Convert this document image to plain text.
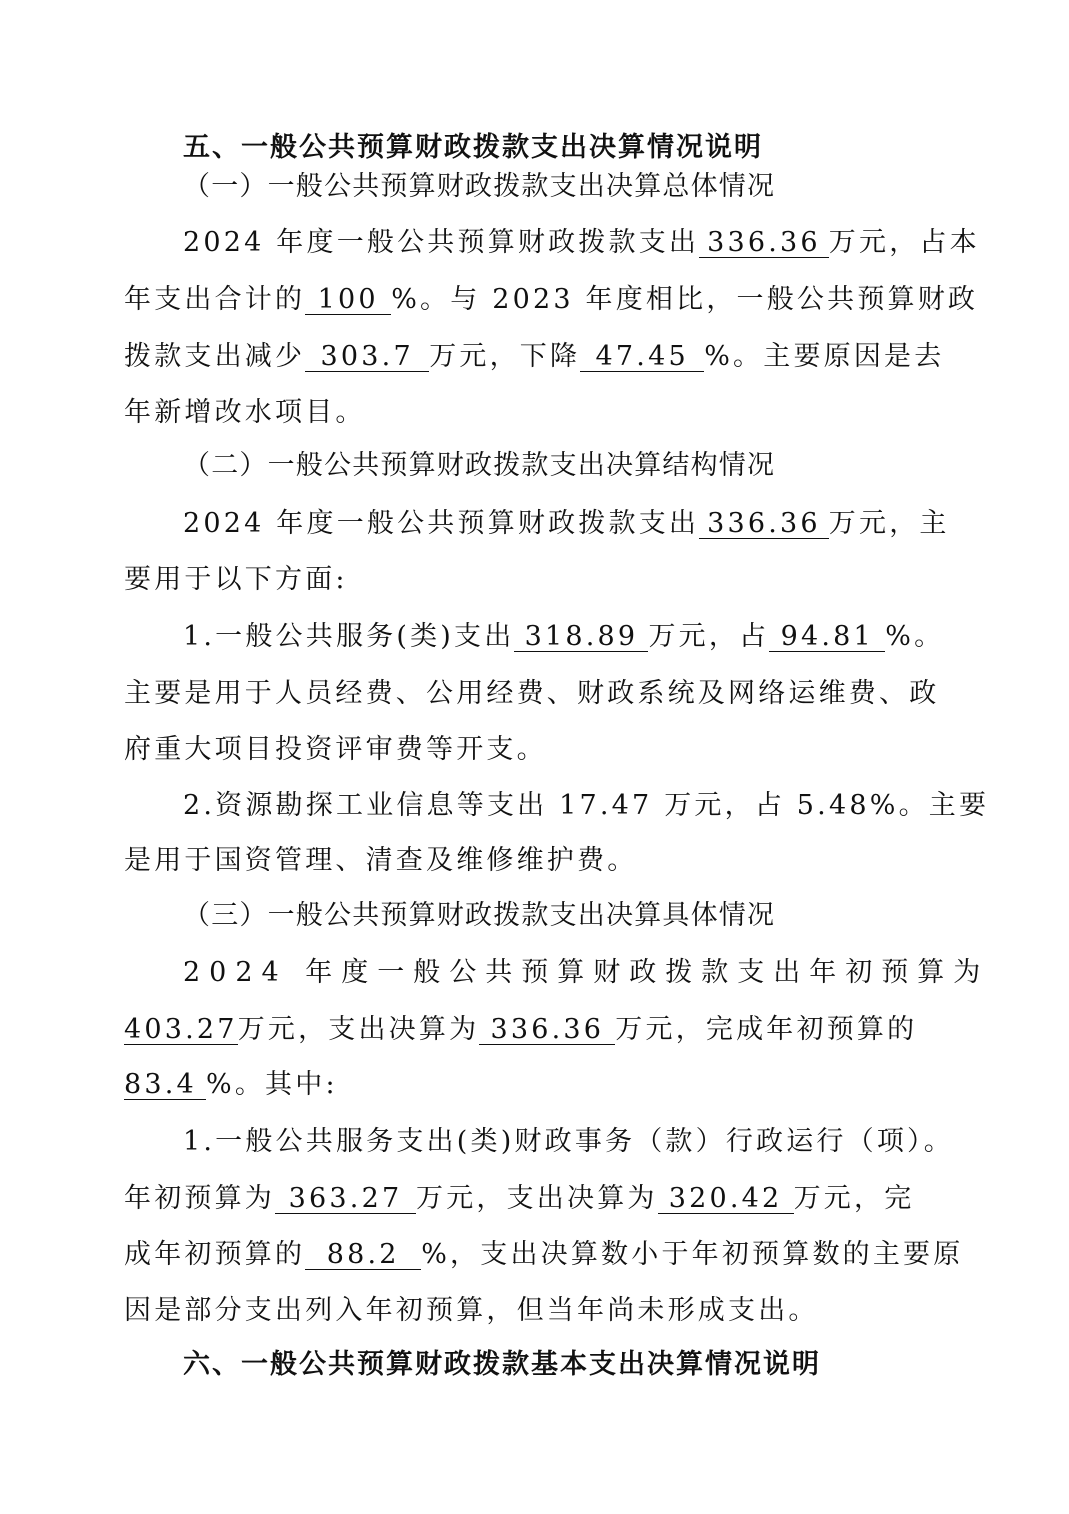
五、一般公共预算财政拨款支出决算情况说明
（一）一般公共预算财政拨款支出决算总体情况
2024 年度一般公共预算财政拨款支出 336.36 万元，占本
年支出合计的 100 %。与 2023 年度相比，一般公共预算财政
拨款支出减少 303.7 万元，下降 47.45 %。主要原因是去
年新增改水项目。
（二）一般公共预算财政拨款支出决算结构情况
2024 年度一般公共预算财政拨款支出 336.36 万元，主
要用于以下方面:
1.一般公共服务(类)支出 318.89 万元，占 94.81 %。
主要是用于人员经费、公用经费、财政系统及网络运维费、政
府重大项目投资评审费等开支。
2.资源勘探工业信息等支出 17.47 万元，占 5.48%。主要
是用于国资管理、清查及维修维护费。
（三）一般公共预算财政拨款支出决算具体情况
2024 年度一般公共预算财政拨款支出年初预算为
403.27万元，支出决算为 336.36 万元，完成年初预算的
83.4 %。其中:
1.一般公共服务支出(类)财政事务（款）行政运行（项）。
年初预算为 363.27 万元，支出决算为 320.42 万元，完
成年初预算的 88.2 %，支出决算数小于年初预算数的主要原
因是部分支出列入年初预算，但当年尚未形成支出。
六、一般公共预算财政拨款基本支出决算情况说明
